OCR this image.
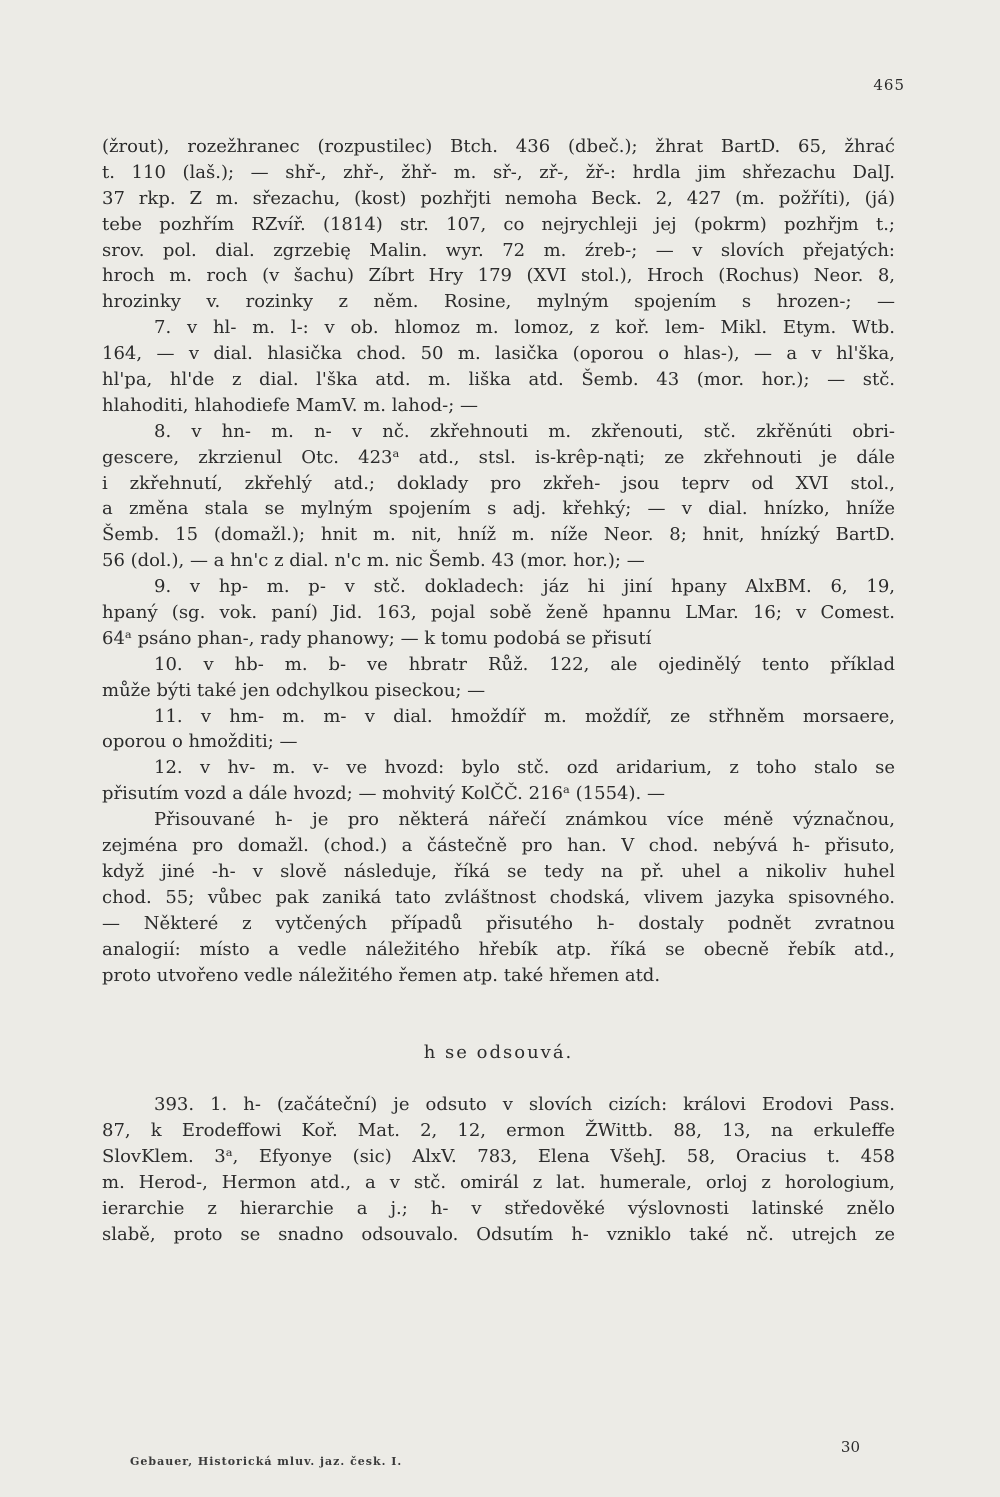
465
(žrout), rozežhranec (rozpustilec) Btch. 436 (dbeč.); žhrat BartD. 65, žhrać
t. 110 (laš.); — shř-, zhř-, žhř- m. sř-, zř-, žř-: hrdla jim shřezachu DalJ.
37 rkp. Z m. sřezachu, (kost) pozhřjti nemoha Beck. 2, 427 (m. požříti), (já)
tebe pozhřím RZvíř. (1814) str. 107, co nejrychleji jej (pokrm) pozhřjm t.;
srov. pol. dial. zgrzebię Malin. wyr. 72 m. źreb-; — v slovích přejatých:
hroch m. roch (v šachu) Zíbrt Hry 179 (XVI stol.), Hroch (Rochus) Neor. 8,
hrozinky v. rozinky z něm. Rosine, mylným spojením s hrozen-; —
7. v hl- m. l-: v ob. hlomoz m. lomoz, z koř. lem- Mikl. Etym. Wtb.
164, — v dial. hlasička chod. 50 m. lasička (oporou o hlas-), — a v hl'ška,
hl'pa, hl'de z dial. l'ška atd. m. liška atd. Šemb. 43 (mor. hor.); — stč.
hlahoditi, hlahodiefe MamV. m. lahod-; —
8. v hn- m. n- v nč. zkřehnouti m. zkřenouti, stč. zkřěnúti obri-
gescere, zkrzienul Otc. 423ᵃ atd., stsl. is-krêp-nąti; ze zkřehnouti je dále
i zkřehnutí, zkřehlý atd.; doklady pro zkřeh- jsou teprv od XVI stol.,
a změna stala se mylným spojením s adj. křehký; — v dial. hnízko, hníže
Šemb. 15 (domažl.); hnit m. nit, hníž m. níže Neor. 8; hnit, hnízký BartD.
56 (dol.), — a hn'c z dial. n'c m. nic Šemb. 43 (mor. hor.); —
9. v hp- m. p- v stč. dokladech: jáz hi jiní hpany AlxBM. 6, 19,
hpaný (sg. vok. paní) Jid. 163, pojal sobě ženě hpannu LMar. 16; v Comest.
64ᵃ psáno phan-, rady phanowy; — k tomu podobá se přisutí
10. v hb- m. b- ve hbratr Růž. 122, ale ojedinělý tento příklad
může býti také jen odchylkou piseckou; —
11. v hm- m. m- v dial. hmoždíř m. moždíř, ze střhněm morsaere,
oporou o hmožditi; —
12. v hv- m. v- ve hvozd: bylo stč. ozd aridarium, z toho stalo se
přisutím vozd a dále hvozd; — mohvitý KolČČ. 216ᵃ (1554). —
Přisouvané h- je pro některá nářečí známkou více méně význačnou,
zejména pro domažl. (chod.) a částečně pro han. V chod. nebývá h- přisuto,
když jiné -h- v slově následuje, říká se tedy na př. uhel a nikoliv huhel
chod. 55; vůbec pak zaniká tato zvláštnost chodská, vlivem jazyka spisovného.
— Některé z vytčených případů přisutého h- dostaly podnět zvratnou
analogií: místo a vedle náležitého hřebík atp. říká se obecně řebík atd.,
proto utvořeno vedle náležitého řemen atp. také hřemen atd.
h se odsouvá.
393. 1. h- (začáteční) je odsuto v slovích cizích: královi Erodovi Pass.
87, k Erodeffowi Koř. Mat. 2, 12, ermon ŽWittb. 88, 13, na erkuleffe
SlovKlem. 3ᵃ, Efyonye (sic) AlxV. 783, Elena VšehJ. 58, Oracius t. 458
m. Herod-, Hermon atd., a v stč. omirál z lat. humerale, orloj z horologium,
ierarchie z hierarchie a j.; h- v středověké výslovnosti latinské znělo
slabě, proto se snadno odsouvalo. Odsutím h- vzniklo také nč. utrejch ze
30
Gebauer, Historická mluv. jaz. česk. I.
